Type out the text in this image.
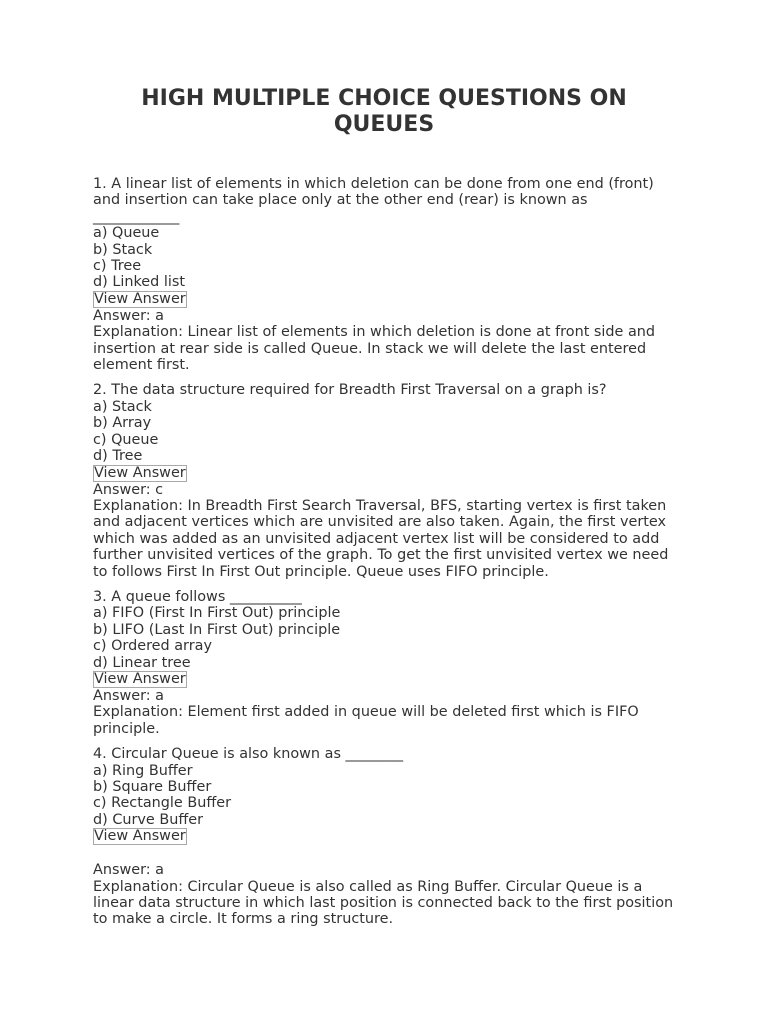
HIGH MULTIPLE CHOICE QUESTIONS ON QUEUES
1. A linear list of elements in which deletion can be done from one end (front) and insertion can take place only at the other end (rear) is known as ____________
a) Queue
b) Stack
c) Tree
d) Linked list
View Answer
Answer: a
Explanation: Linear list of elements in which deletion is done at front side and insertion at rear side is called Queue. In stack we will delete the last entered element first.
2. The data structure required for Breadth First Traversal on a graph is?
a) Stack
b) Array
c) Queue
d) Tree
View Answer
Answer: c
Explanation: In Breadth First Search Traversal, BFS, starting vertex is first taken and adjacent vertices which are unvisited are also taken. Again, the first vertex which was added as an unvisited adjacent vertex list will be considered to add further unvisited vertices of the graph. To get the first unvisited vertex we need to follows First In First Out principle. Queue uses FIFO principle.
3. A queue follows __________
a) FIFO (First In First Out) principle
b) LIFO (Last In First Out) principle
c) Ordered array
d) Linear tree
View Answer
Answer: a
Explanation: Element first added in queue will be deleted first which is FIFO principle.
4. Circular Queue is also known as ________
a) Ring Buffer
b) Square Buffer
c) Rectangle Buffer
d) Curve Buffer
View Answer
Answer: a
Explanation: Circular Queue is also called as Ring Buffer. Circular Queue is a linear data structure in which last position is connected back to the first position to make a circle. It forms a ring structure.
